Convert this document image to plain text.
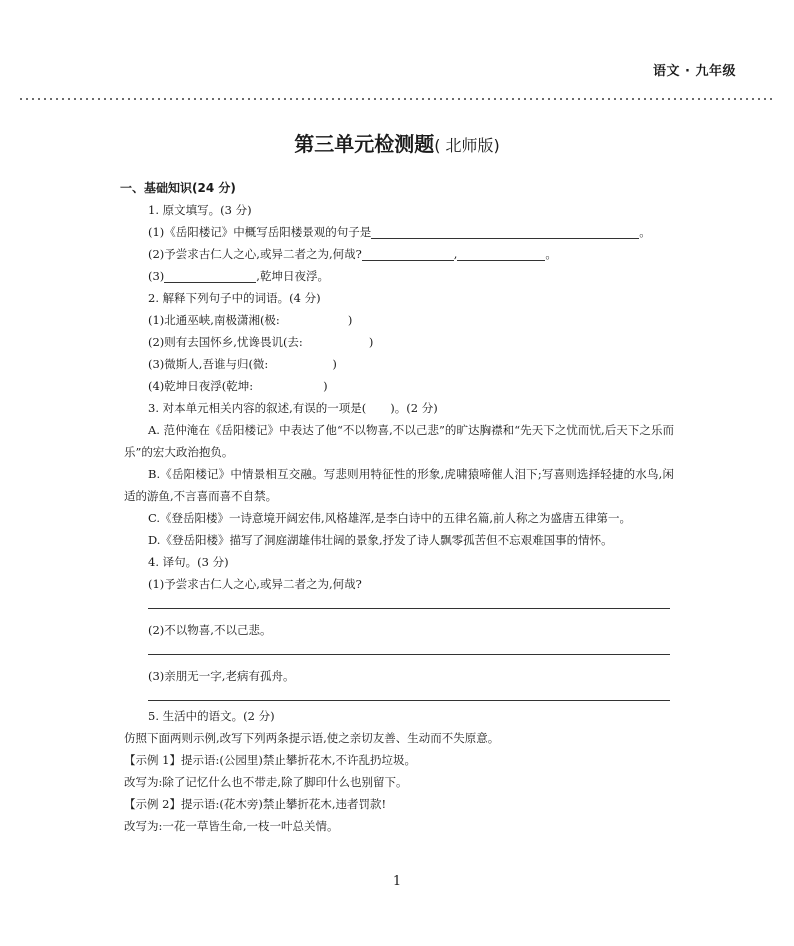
语文 · 九年级
第三单元检测题( 北师版)
一、基础知识(24 分)
1. 原文填写。(3 分)
(1)《岳阳楼记》中概写岳阳楼景观的句子是	。
(2)予尝求古仁人之心,或异二者之为,何哉?	,	。
(3)	,乾坤日夜浮。
2. 解释下列句子中的词语。(4 分)
(1)北通巫峡,南极潇湘(极:	)
(2)则有去国怀乡,忧谗畏讥(去:	)
(3)微斯人,吾谁与归(微:	)
(4)乾坤日夜浮(乾坤:	)
3. 对本单元相关内容的叙述,有误的一项是( )。(2 分)
A. 范仲淹在《岳阳楼记》中表达了他“不以物喜,不以己悲”的旷达胸襟和“先天下之忧而忧,后天下之乐而乐”的宏大政治抱负。
B.《岳阳楼记》中情景相互交融。写悲则用特征性的形象,虎啸猿啼催人泪下;写喜则选择轻捷的水鸟,闲适的游鱼,不言喜而喜不自禁。
C.《登岳阳楼》一诗意境开阔宏伟,风格雄浑,是李白诗中的五律名篇,前人称之为盛唐五律第一。
D.《登岳阳楼》描写了洞庭湖雄伟壮阔的景象,抒发了诗人飘零孤苦但不忘艰难国事的情怀。
4. 译句。(3 分)
(1)予尝求古仁人之心,或异二者之为,何哉?
(2)不以物喜,不以己悲。
(3)亲朋无一字,老病有孤舟。
5. 生活中的语文。(2 分)
仿照下面两则示例,改写下列两条提示语,使之亲切友善、生动而不失原意。
【示例 1】提示语:(公园里)禁止攀折花木,不许乱扔垃圾。
改写为:除了记忆什么也不带走,除了脚印什么也别留下。
【示例 2】提示语:(花木旁)禁止攀折花木,违者罚款!
改写为:一花一草皆生命,一枝一叶总关情。
1
